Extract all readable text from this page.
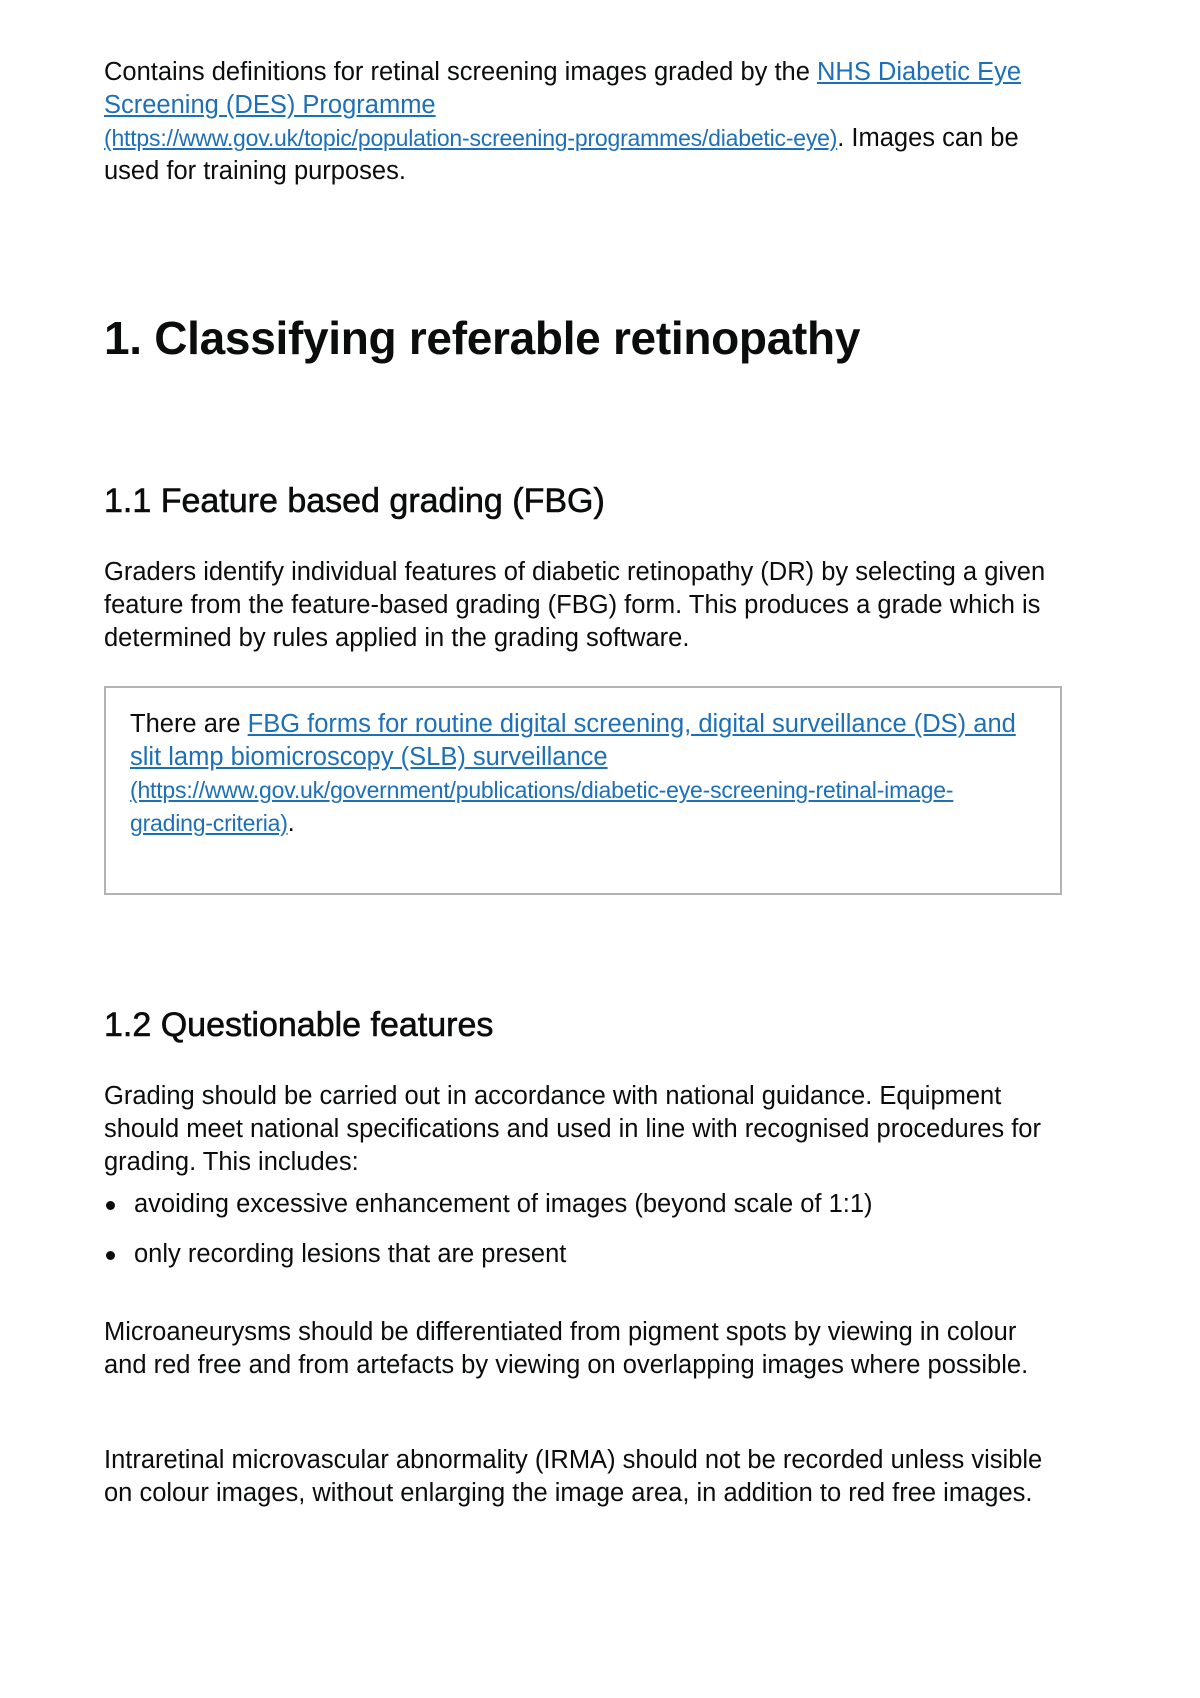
Contains definitions for retinal screening images graded by the NHS Diabetic Eye Screening (DES) Programme
(https://www.gov.uk/topic/population-screening-programmes/diabetic-eye). Images can be used for training purposes.

1. Classifying referable retinopathy
1.1 Feature based grading (FBG)

Graders identify individual features of diabetic retinopathy (DR) by selecting a given feature from the feature-based grading (FBG) form. This produces a grade which is determined by rules applied in the grading software.

There are FBG forms for routine digital screening, digital surveillance (DS) and slit lamp biomicroscopy (SLB) surveillance
(https://www.gov.uk/government/publications/diabetic-eye-screening-retinal-image-grading-criteria).

1.2 Questionable features

Grading should be carried out in accordance with national guidance. Equipment should meet national specifications and used in line with recognised procedures for grading. This includes:

avoiding excessive enhancement of images (beyond scale of 1:1)
only recording lesions that are present

Microaneurysms should be differentiated from pigment spots by viewing in colour and red free and from artefacts by viewing on overlapping images where possible.

Intraretinal microvascular abnormality (IRMA) should not be recorded unless visible on colour images, without enlarging the image area, in addition to red free images.
